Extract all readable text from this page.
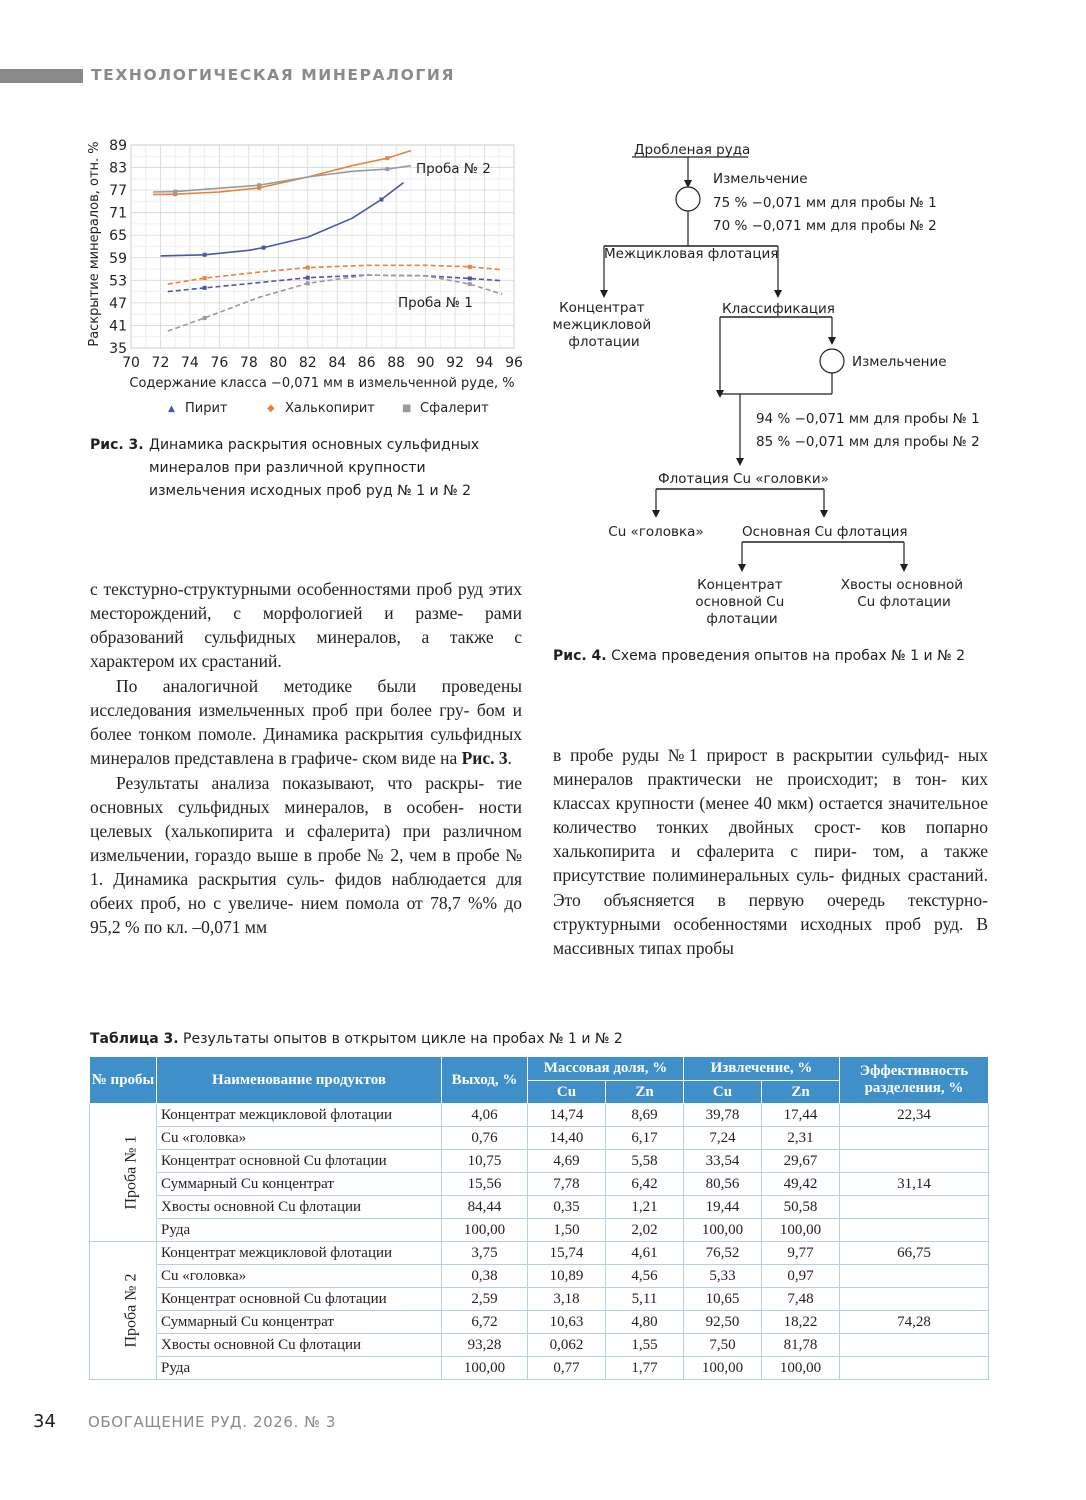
ТЕХНОЛОГИЧЕСКАЯ МИНЕРАЛОГИЯ
70 72 74 76 78 80 82 84 86 88 90 92 94 96
89
83
77
71
65
59
53
47
41
35
Раскрытие минералов, отн. %
Содержание класса −0,071 мм в измельченной руде, %
Проба № 2
Проба № 1
▲ Пирит	◆ Халькопирит	■ Сфалерит
Рис. 3. Динамика раскрытия основных сульфидных
минералов при различной крупности
измельчения исходных проб руд № 1 и № 2
Дробленая руда
Измельчение
75 % −0,071 мм для пробы № 1
70 % −0,071 мм для пробы № 2
Межцикловая флотация
Концентрат межцикловой флотации
Классификация
Измельчение
94 % −0,071 мм для пробы № 1
85 % −0,071 мм для пробы № 2
Флотация Cu «головки»
Cu «головка»	Основная Cu флотация
Концентрат основной Cu флотации
Хвосты основной Cu флотации
Рис. 4. Схема проведения опытов на пробах № 1 и № 2

с текстурно-структурными особенностями проб руд этих месторождений, с морфологией и разме- рами образований сульфидных минералов, а также с характером их срастаний.

По аналогичной методике были проведены исследования измельченных проб при более гру- бом и более тонком помоле. Динамика раскрытия сульфидных минералов представлена в графиче- ском виде на Рис. 3.

Результаты анализа показывают, что раскры- тие основных сульфидных минералов, в особен- ности целевых (халькопирита и сфалерита) при различном измельчении, гораздо выше в пробе № 2, чем в пробе № 1. Динамика раскрытия суль- фидов наблюдается для обеих проб, но с увеличе- нием помола от 78,7 %% до 95,2 % по кл. –0,071 мм

в пробе руды №1 прирост в раскрытии сульфид- ных минералов практически не происходит; в тон- ких классах крупности (менее 40 мкм) остается значительное количество тонких двойных срост- ков попарно халькопирита и сфалерита с пири- том, а также присутствие полиминеральных суль- фидных срастаний. Это объясняется в первую очередь текстурно-структурными особенностями исходных проб руд. В массивных типах пробы

Таблица 3. Результаты опытов в открытом цикле на пробах № 1 и № 2
№ пробы	Наименование продуктов	Выход, %	Массовая доля, %		Извлечение, %		Эффективность разделения, %
			Cu	Zn	Cu	Zn	
Проба № 1	Концентрат межцикловой флотации	4,06	14,74	8,69	39,78	17,44	22,34
	Cu «головка»	0,76	14,40	6,17	7,24	2,31	
	Концентрат основной Cu флотации	10,75	4,69	5,58	33,54	29,67	
	Суммарный Cu концентрат	15,56	7,78	6,42	80,56	49,42	31,14
	Хвосты основной Cu флотации	84,44	0,35	1,21	19,44	50,58	
	Руда	100,00	1,50	2,02	100,00	100,00	
Проба № 2	Концентрат межцикловой флотации	3,75	15,74	4,61	76,52	9,77	66,75
	Cu «головка»	0,38	10,89	4,56	5,33	0,97	
	Концентрат основной Cu флотации	2,59	3,18	5,11	10,65	7,48	
	Суммарный Cu концентрат	6,72	10,63	4,80	92,50	18,22	74,28
	Хвосты основной Cu флотации	93,28	0,062	1,55	7,50	81,78	
	Руда	100,00	0,77	1,77	100,00	100,00	
34 ОБОГАЩЕНИЕ РУД. 2026. № 3
